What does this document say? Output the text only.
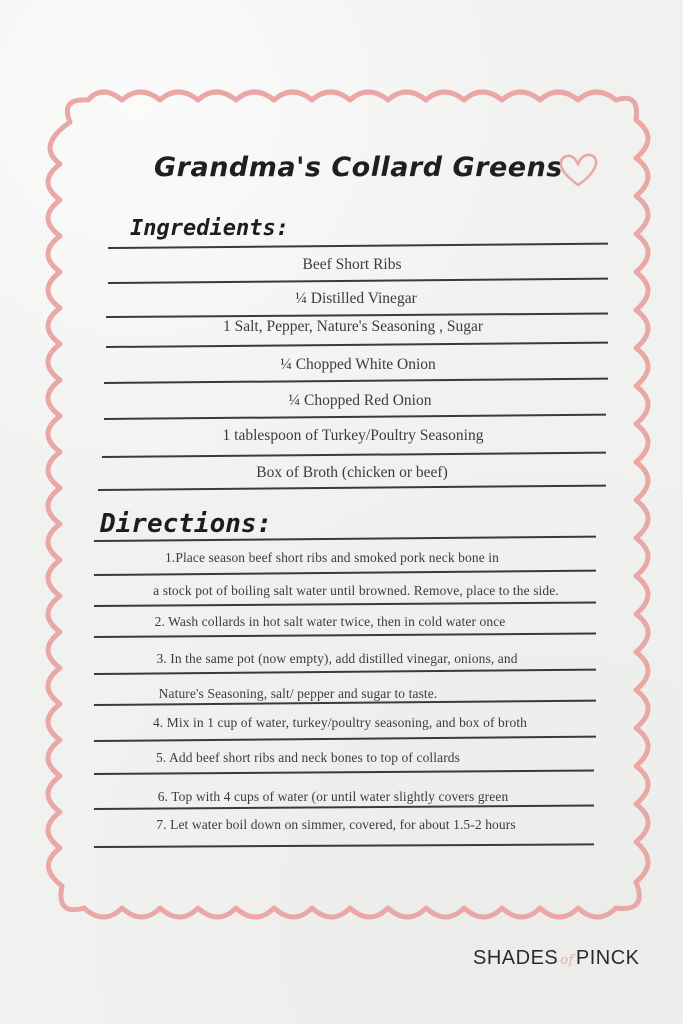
Grandma's Collard Greens
Ingredients:
Beef Short Ribs
¼ Distilled Vinegar
1 Salt, Pepper, Nature's Seasoning , Sugar
¼ Chopped White Onion
¼ Chopped Red Onion
1 tablespoon of Turkey/Poultry Seasoning
Box of Broth (chicken or beef)
Directions:
1.Place season beef short ribs and smoked pork neck bone in
a stock pot of boiling salt water until browned. Remove, place to the side.
2. Wash collards in hot salt water twice, then in cold water once
3. In the same pot (now empty), add distilled vinegar, onions, and
Nature's Seasoning, salt/ pepper and sugar to taste.
4. Mix in 1 cup of water, turkey/poultry seasoning, and box of broth
5. Add beef short ribs and neck bones to top of collards
6. Top with 4 cups of water (or until water slightly covers green
7. Let water boil down on simmer, covered, for about 1.5-2 hours
SHADES of PINCK
